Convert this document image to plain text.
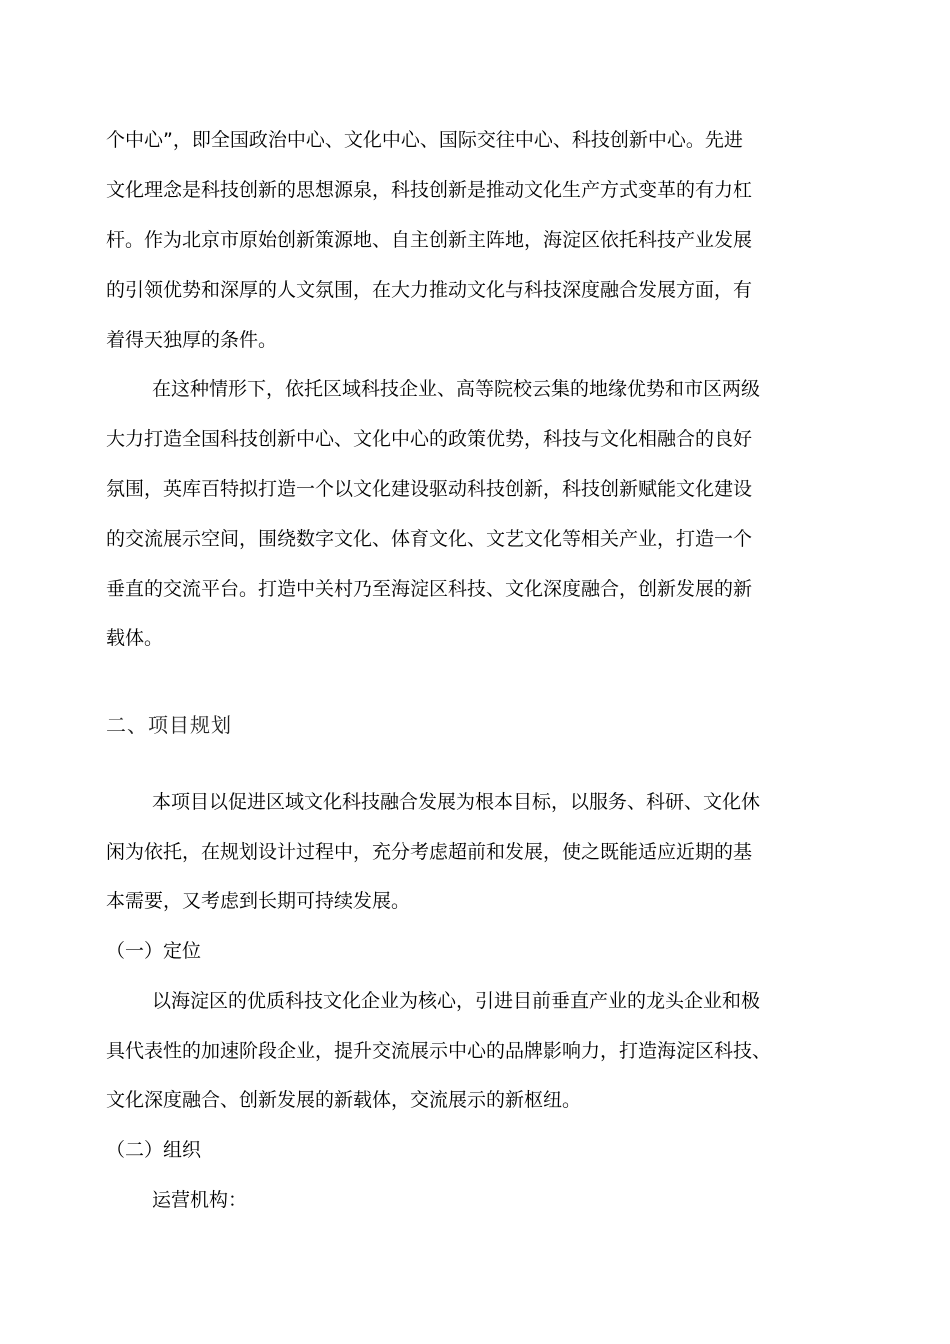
个中心”，即全国政治中心、文化中心、国际交往中心、科技创新中心。先进
文化理念是科技创新的思想源泉，科技创新是推动文化生产方式变革的有力杠
杆。作为北京市原始创新策源地、自主创新主阵地，海淀区依托科技产业发展
的引领优势和深厚的人文氛围，在大力推动文化与科技深度融合发展方面，有
着得天独厚的条件。
在这种情形下，依托区域科技企业、高等院校云集的地缘优势和市区两级
大力打造全国科技创新中心、文化中心的政策优势，科技与文化相融合的良好
氛围，英库百特拟打造一个以文化建设驱动科技创新，科技创新赋能文化建设
的交流展示空间，围绕数字文化、体育文化、文艺文化等相关产业，打造一个
垂直的交流平台。打造中关村乃至海淀区科技、文化深度融合，创新发展的新
载体。
二、项目规划
本项目以促进区域文化科技融合发展为根本目标，以服务、科研、文化休
闲为依托，在规划设计过程中，充分考虑超前和发展，使之既能适应近期的基
本需要，又考虑到长期可持续发展。
（一）定位
以海淀区的优质科技文化企业为核心，引进目前垂直产业的龙头企业和极
具代表性的加速阶段企业，提升交流展示中心的品牌影响力，打造海淀区科技、
文化深度融合、创新发展的新载体，交流展示的新枢纽。
（二）组织
运营机构：
